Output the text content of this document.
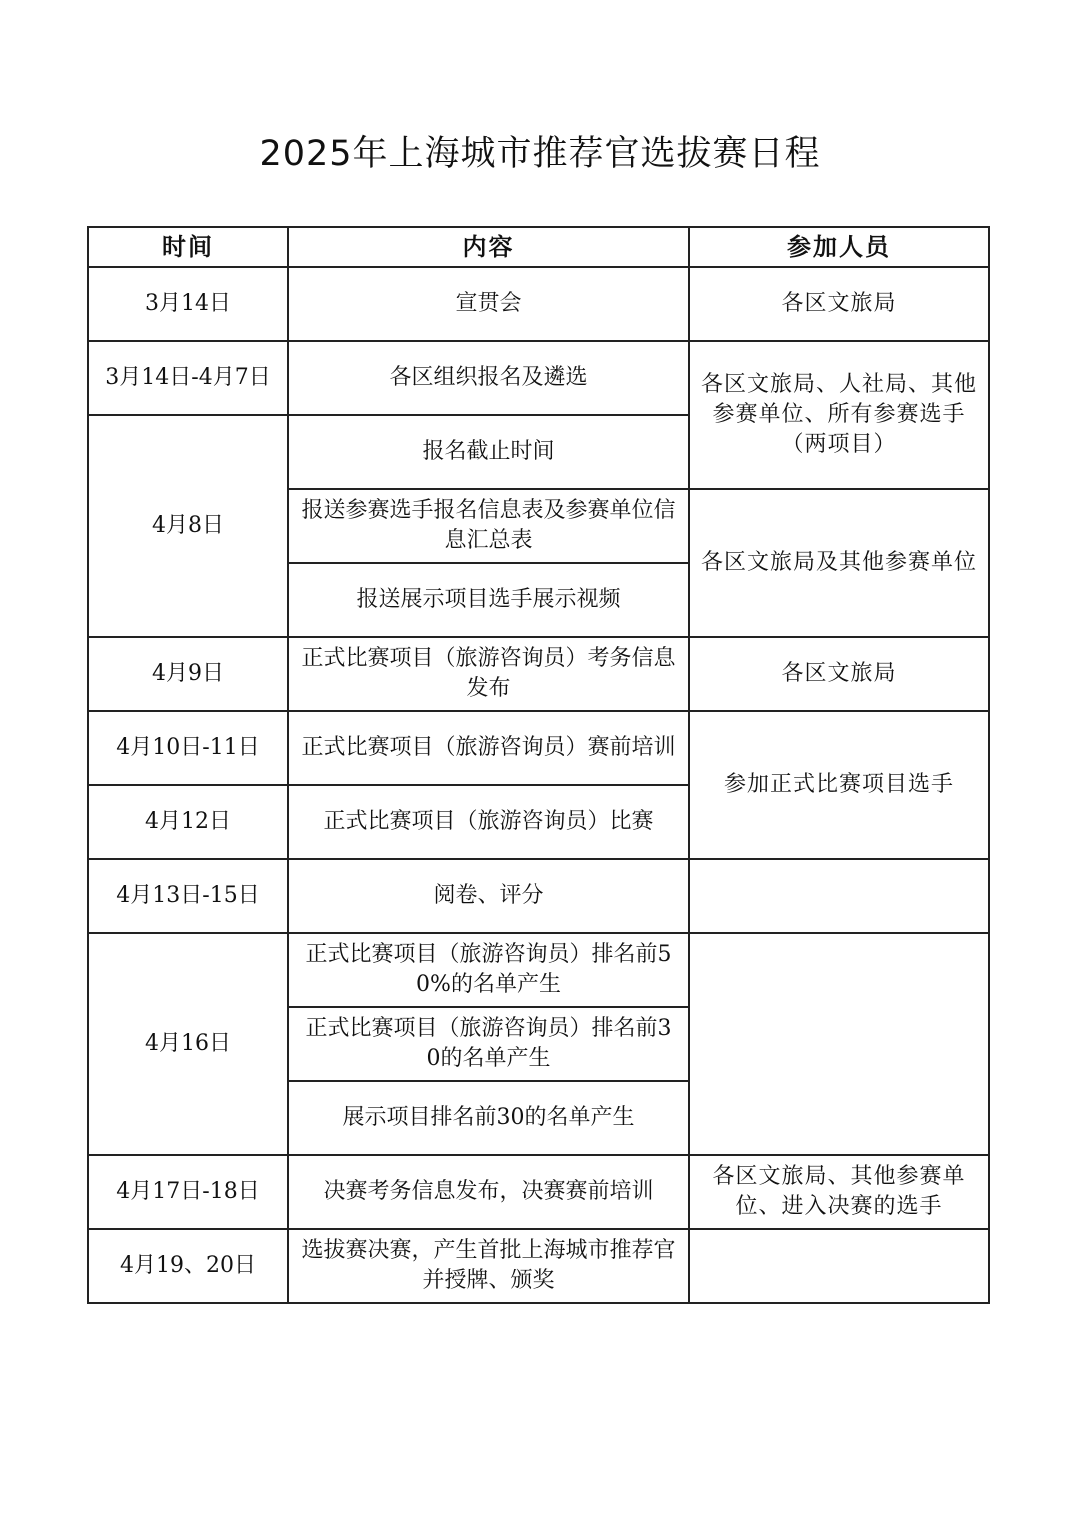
2025年上海城市推荐官选拔赛日程
时间	内容	参加人员
3月14日	宣贯会	各区文旅局
3月14日-4月7日	各区组织报名及遴选	各区文旅局、人社局、其他参赛单位、所有参赛选手（两项目）
4月8日	报名截止时间	
	报送参赛选手报名信息表及参赛单位信息汇总表	各区文旅局及其他参赛单位
	报送展示项目选手展示视频	
4月9日	正式比赛项目（旅游咨询员）考务信息发布	各区文旅局
4月10日-11日	正式比赛项目（旅游咨询员）赛前培训	参加正式比赛项目选手
4月12日	正式比赛项目（旅游咨询员）比赛	
4月13日-15日	阅卷、评分	
4月16日	正式比赛项目（旅游咨询员）排名前50%的名单产生	
	正式比赛项目（旅游咨询员）排名前30的名单产生	
	展示项目排名前30的名单产生	
4月17日-18日	决赛考务信息发布，决赛赛前培训	各区文旅局、其他参赛单位、进入决赛的选手
4月19、20日	选拔赛决赛，产生首批上海城市推荐官并授牌、颁奖	
